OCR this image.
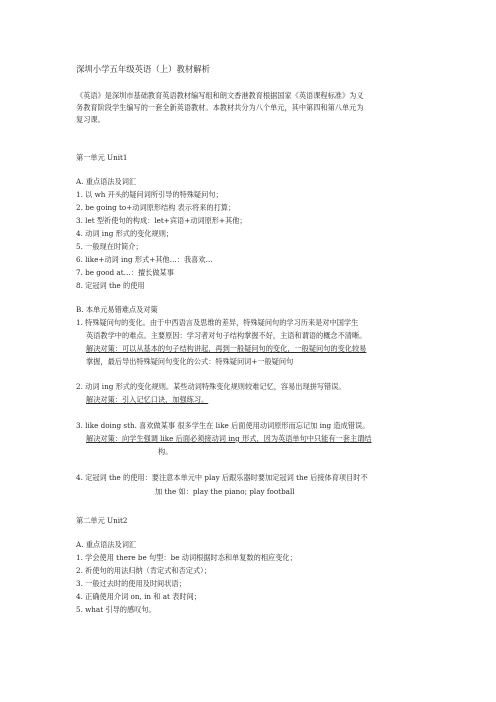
深圳小学五年级英语（上）教材解析
《英语》是深圳市基础教育英语教材编写组和朗文香港教育根据国家《英语课程标准》为义
务教育阶段学生编写的一套全新英语教材。本教材共分为八个单元，其中第四和第八单元为
复习课。
第一单元 Unit1
A. 重点语法及词汇
1. 以 wh 开头的疑问词所引导的特殊疑问句；
2. be going to+动词原形结构 表示将来的打算；
3. let 型祈使句的构成：let+宾语+动词原形+其他；
4. 动词 ing 形式的变化规则；
5. 一般现在时简介；
6. like+动词 ing 形式+其他…：我喜欢…
7. be good at…：擅长做某事
8. 定冠词 the 的使用
B. 本单元易错难点及对策
1. 特殊疑问句的变化。由于中西语言及思维的差异，特殊疑问句的学习历来是对中国学生
英语教学中的难点。主要原因：学习者对句子结构掌握不好，主语和谓语的概念不清晰。
解决对策：可以从基本的句子结构讲起，再到一般疑问句的变化，一般疑问句的变化较易
掌握，最后导出特殊疑问句变化的公式：特殊疑问词+一般疑问句
2. 动词 ing 形式的变化规则。某些动词特殊变化规则较难记忆，容易出现拼写错误。
解决对策：引入记忆口诀，加强练习。
3. like doing sth. 喜欢做某事 很多学生在 like 后面使用动词原形而忘记加 ing 造成错误。
解决对策：向学生强调 like 后面必须接动词 ing 形式，因为英语单句中只能有一套主谓结
构。
4. 定冠词 the 的使用：要注意本单元中 play 后跟乐器时要加定冠词 the 后接体育项目时不
加 the 如：play the piano; play football
第二单元 Unit2
A. 重点语法及词汇
1. 学会使用 there be 句型：be 动词根据时态和单复数的相应变化；
2. 祈使句的用法归纳（肯定式和否定式）；
3. 一般过去时的使用及时间状语；
4. 正确使用介词 on, in 和 at 表时间；
5. what 引导的感叹句。
